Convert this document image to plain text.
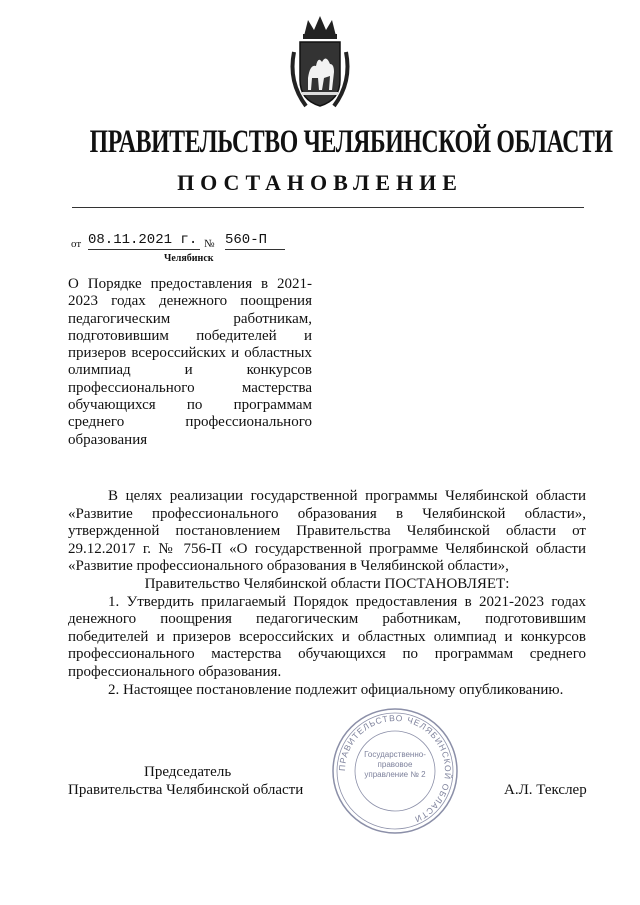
ПРАВИТЕЛЬСТВО ЧЕЛЯБИНСКОЙ ОБЛАСТИ
ПОСТАНОВЛЕНИЕ
от 08.11.2021 г. № 560-П
Челябинск
О Порядке предоставления в 2021-
2023 годах денежного поощрения
педагогическим работникам,
подготовившим победителей и
призеров всероссийских и областных
олимпиад и конкурсов
профессионального мастерства
обучающихся по программам
среднего профессионального
образования

В целях реализации государственной программы Челябинской области «Развитие профессионального образования в Челябинской области», утвержденной постановлением Правительства Челябинской области от 29.12.2017 г. № 756-П «О государственной программе Челябинской области «Развитие профессионального образования в Челябинской области»,

Правительство Челябинской области ПОСТАНОВЛЯЕТ:

1. Утвердить прилагаемый Порядок предоставления в 2021-2023 годах денежного поощрения педагогическим работникам, подготовившим победителей и призеров всероссийских и областных олимпиад и конкурсов профессионального мастерства обучающихся по программам среднего профессионального образования.

2. Настоящее постановление подлежит официальному опубликованию.

ПРАВИТЕЛЬСТВО ЧЕЛЯБИНСКОЙ ОБЛАСТИ
Государственно-правовое управление № 2
Председатель
Правительства Челябинской области	А.Л. Текслер
